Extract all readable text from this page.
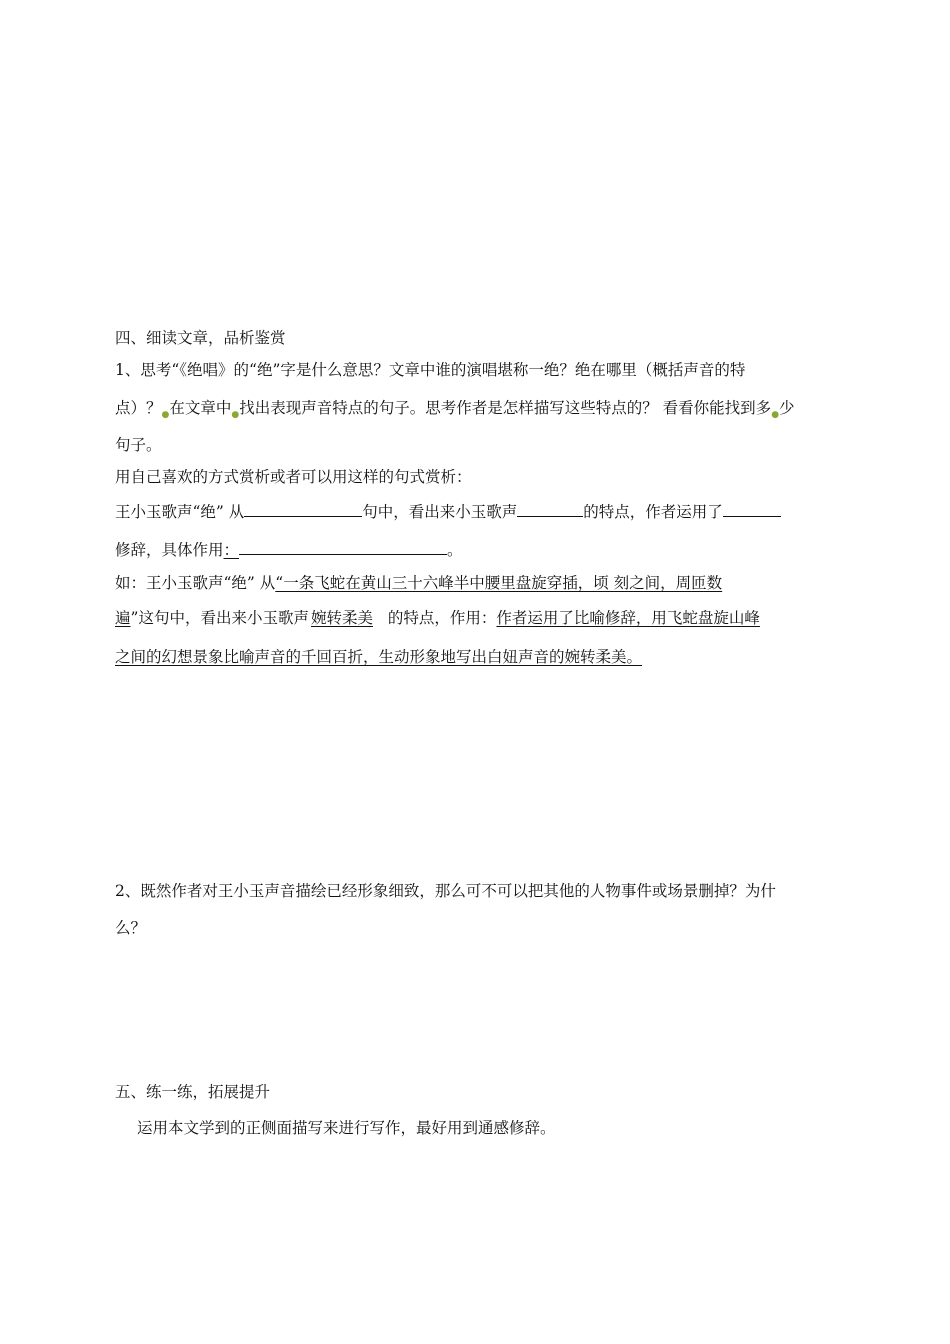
四、细读文章，品析鉴赏
1、思考“《绝唱》的“绝”字是什么意思？文章中谁的演唱堪称一绝？绝在哪里（概括声音的特
点）？$_●$在文章中$_●$找出表现声音特点的句子。思考作者是怎样描写这些特点的？ 看看你能找到多$_●$少
句子。
用自己喜欢的方式赏析或者可以用这样的句式赏析：
王小玉歌声“绝” 从	句中，看出来小玉歌声	的特点，作者运用了
修辞，具体作用：	。
如：王小玉歌声“绝” 从“一条飞蛇在黄山三十六峰半中腰里盘旋穿插，顷 刻之间，周匝数
遍”这句中，看出来小玉歌声 婉转柔美 的特点，作用：作者运用了比喻修辞，用飞蛇盘旋山峰
之间的幻想景象比喻声音的千回百折，生动形象地写出白妞声音的婉转柔美。
2、既然作者对王小玉声音描绘已经形象细致，那么可不可以把其他的人物事件或场景删掉？为什
么？
五、练一练，拓展提升
运用本文学到的正侧面描写来进行写作，最好用到通感修辞。
